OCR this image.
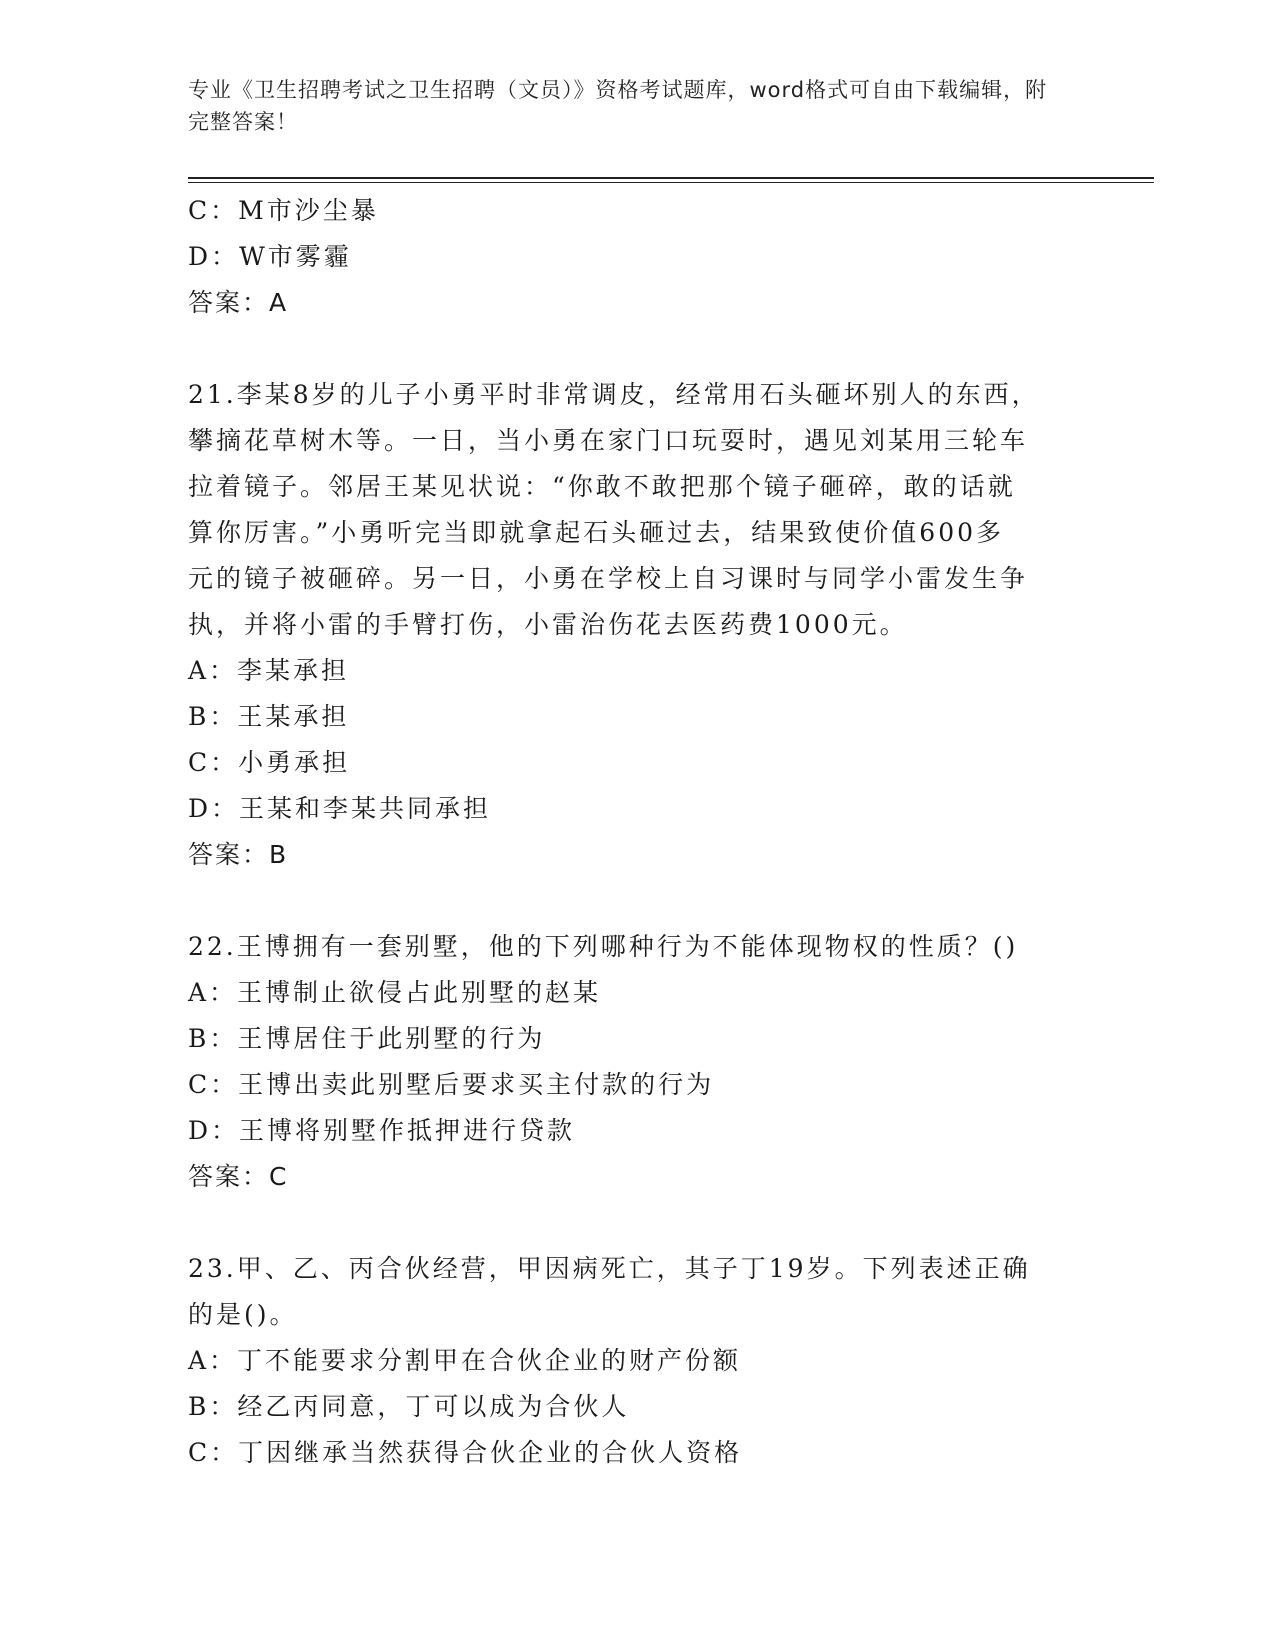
专业《卫生招聘考试之卫生招聘（文员）》资格考试题库，word格式可自由下载编辑，附完整答案！
C：M市沙尘暴
D：W市雾霾
答案：A
21.李某8岁的儿子小勇平时非常调皮，经常用石头砸坏别人的东西，
攀摘花草树木等。一日，当小勇在家门口玩耍时，遇见刘某用三轮车
拉着镜子。邻居王某见状说：“你敢不敢把那个镜子砸碎，敢的话就
算你厉害。”小勇听完当即就拿起石头砸过去，结果致使价值600多
元的镜子被砸碎。另一日，小勇在学校上自习课时与同学小雷发生争
执，并将小雷的手臂打伤，小雷治伤花去医药费1000元。
A：李某承担
B：王某承担
C：小勇承担
D：王某和李某共同承担
答案：B
22.王博拥有一套别墅，他的下列哪种行为不能体现物权的性质？()
A：王博制止欲侵占此别墅的赵某
B：王博居住于此别墅的行为
C：王博出卖此别墅后要求买主付款的行为
D：王博将别墅作抵押进行贷款
答案：C
23.甲、乙、丙合伙经营，甲因病死亡，其子丁19岁。下列表述正确
的是()。
A：丁不能要求分割甲在合伙企业的财产份额
B：经乙丙同意，丁可以成为合伙人
C：丁因继承当然获得合伙企业的合伙人资格
